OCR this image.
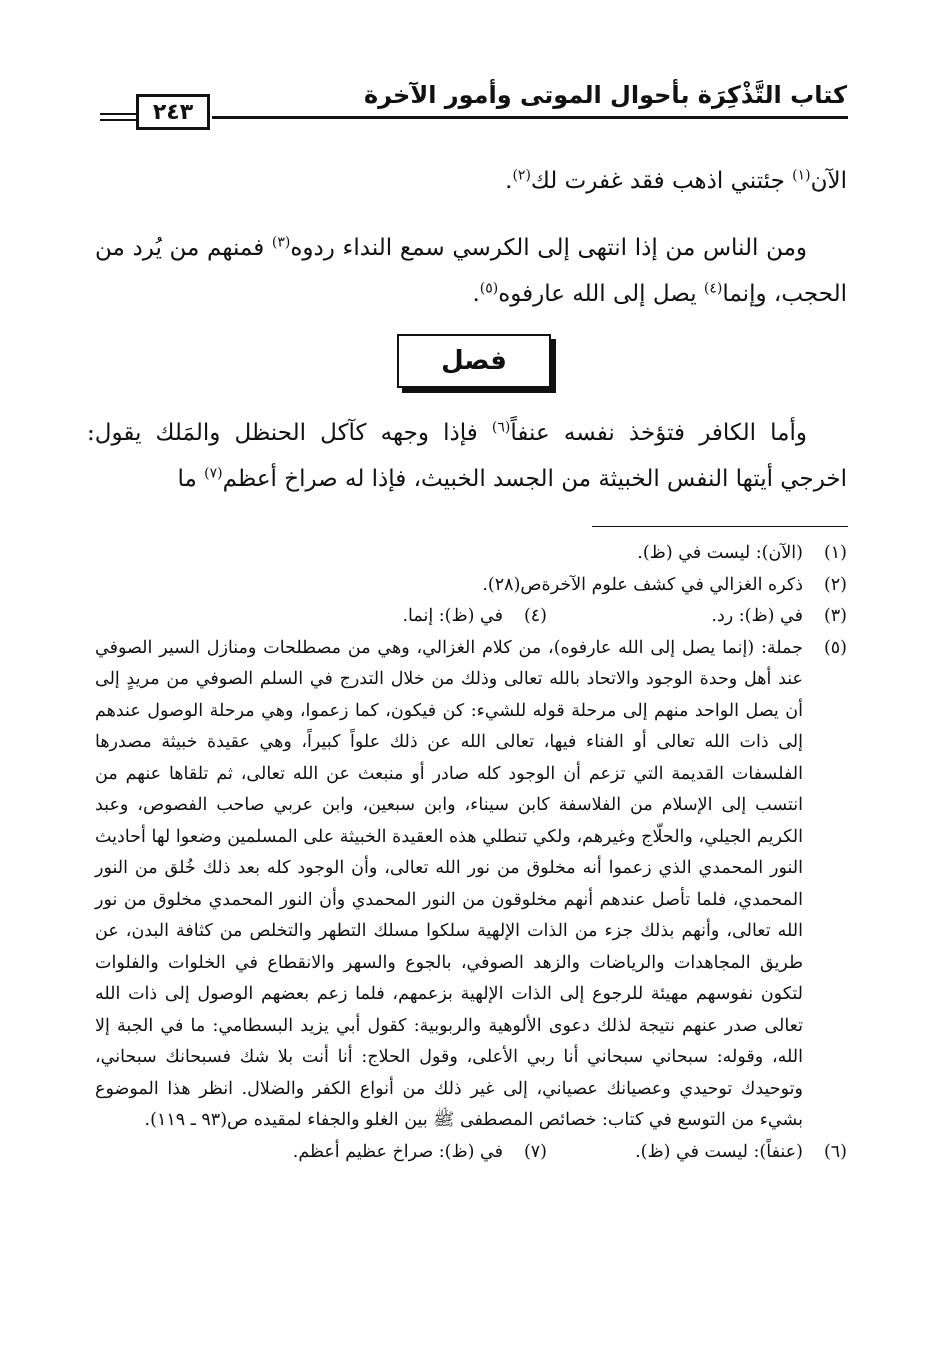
كتاب التَّذْكِرَة بأحوال الموتى وأمور الآخرة
٢٤٣
الآن$^{(١)}$ جئتني اذهب فقد غفرت لك$^{(٢)}$.
ومن الناس من إذا انتهى إلى الكرسي سمع النداء ردوه$^{(٣)}$ فمنهم من يُرد من الحجب، وإنما$^{(٤)}$ يصل إلى الله عارفوه$^{(٥)}$.
فصل
وأما الكافر فتؤخذ نفسه عنفاً$^{(٦)}$ فإذا وجهه كآكل الحنظل والمَلك يقول: اخرجي أيتها النفس الخبيثة من الجسد الخبيث، فإذا له صراخ أعظم$^{(٧)}$ ما
(١)
(الآن): ليست في (ظ).
(٢)
ذكره الغزالي في كشف علوم الآخرةص(٢٨).
(٣)
في (ظ): رد.
(٤)
في (ظ): إنما.
(٥)
جملة: (إنما يصل إلى الله عارفوه)، من كلام الغزالي، وهي من مصطلحات ومنازل السير الصوفي عند أهل وحدة الوجود والاتحاد بالله تعالى وذلك من خلال التدرج في السلم الصوفي من مريدٍ إلى أن يصل الواحد منهم إلى مرحلة قوله للشيء: كن فيكون، كما زعموا، وهي مرحلة الوصول عندهم إلى ذات الله تعالى أو الفناء فيها، تعالى الله عن ذلك علواً كبيراً، وهي عقيدة خبيثة مصدرها الفلسفات القديمة التي تزعم أن الوجود كله صادر أو منبعث عن الله تعالى، ثم تلقاها عنهم من انتسب إلى الإسلام من الفلاسفة كابن سيناء، وابن سبعين، وابن عربي صاحب الفصوص، وعبد الكريم الجيلي، والحلّاج وغيرهم، ولكي تنطلي هذه العقيدة الخبيثة على المسلمين وضعوا لها أحاديث النور المحمدي الذي زعموا أنه مخلوق من نور الله تعالى، وأن الوجود كله بعد ذلك خُلق من النور المحمدي، فلما تأصل عندهم أنهم مخلوقون من النور المحمدي وأن النور المحمدي مخلوق من نور الله تعالى، وأنهم بذلك جزء من الذات الإلهية سلكوا مسلك التطهر والتخلص من كثافة البدن، عن طريق المجاهدات والرياضات والزهد الصوفي، بالجوع والسهر والانقطاع في الخلوات والفلوات لتكون نفوسهم مهيئة للرجوع إلى الذات الإلهية بزعمهم، فلما زعم بعضهم الوصول إلى ذات الله تعالى صدر عنهم نتيجة لذلك دعوى الألوهية والربوبية: كقول أبي يزيد البسطامي: ما في الجبة إلا الله، وقوله: سبحاني سبحاني أنا ربي الأعلى، وقول الحلاج: أنا أنت بلا شك فسبحانك سبحاني، وتوحيدك توحيدي وعصيانك عصياني، إلى غير ذلك من أنواع الكفر والضلال. انظر هذا الموضوع بشيء من التوسع في كتاب: خصائص المصطفى ﷺ بين الغلو والجفاء لمقيده ص(٩٣ ـ ١١٩).
(٦)
(عنفاً): ليست في (ظ).
(٧)
في (ظ): صراخ عظيم أعظم.
